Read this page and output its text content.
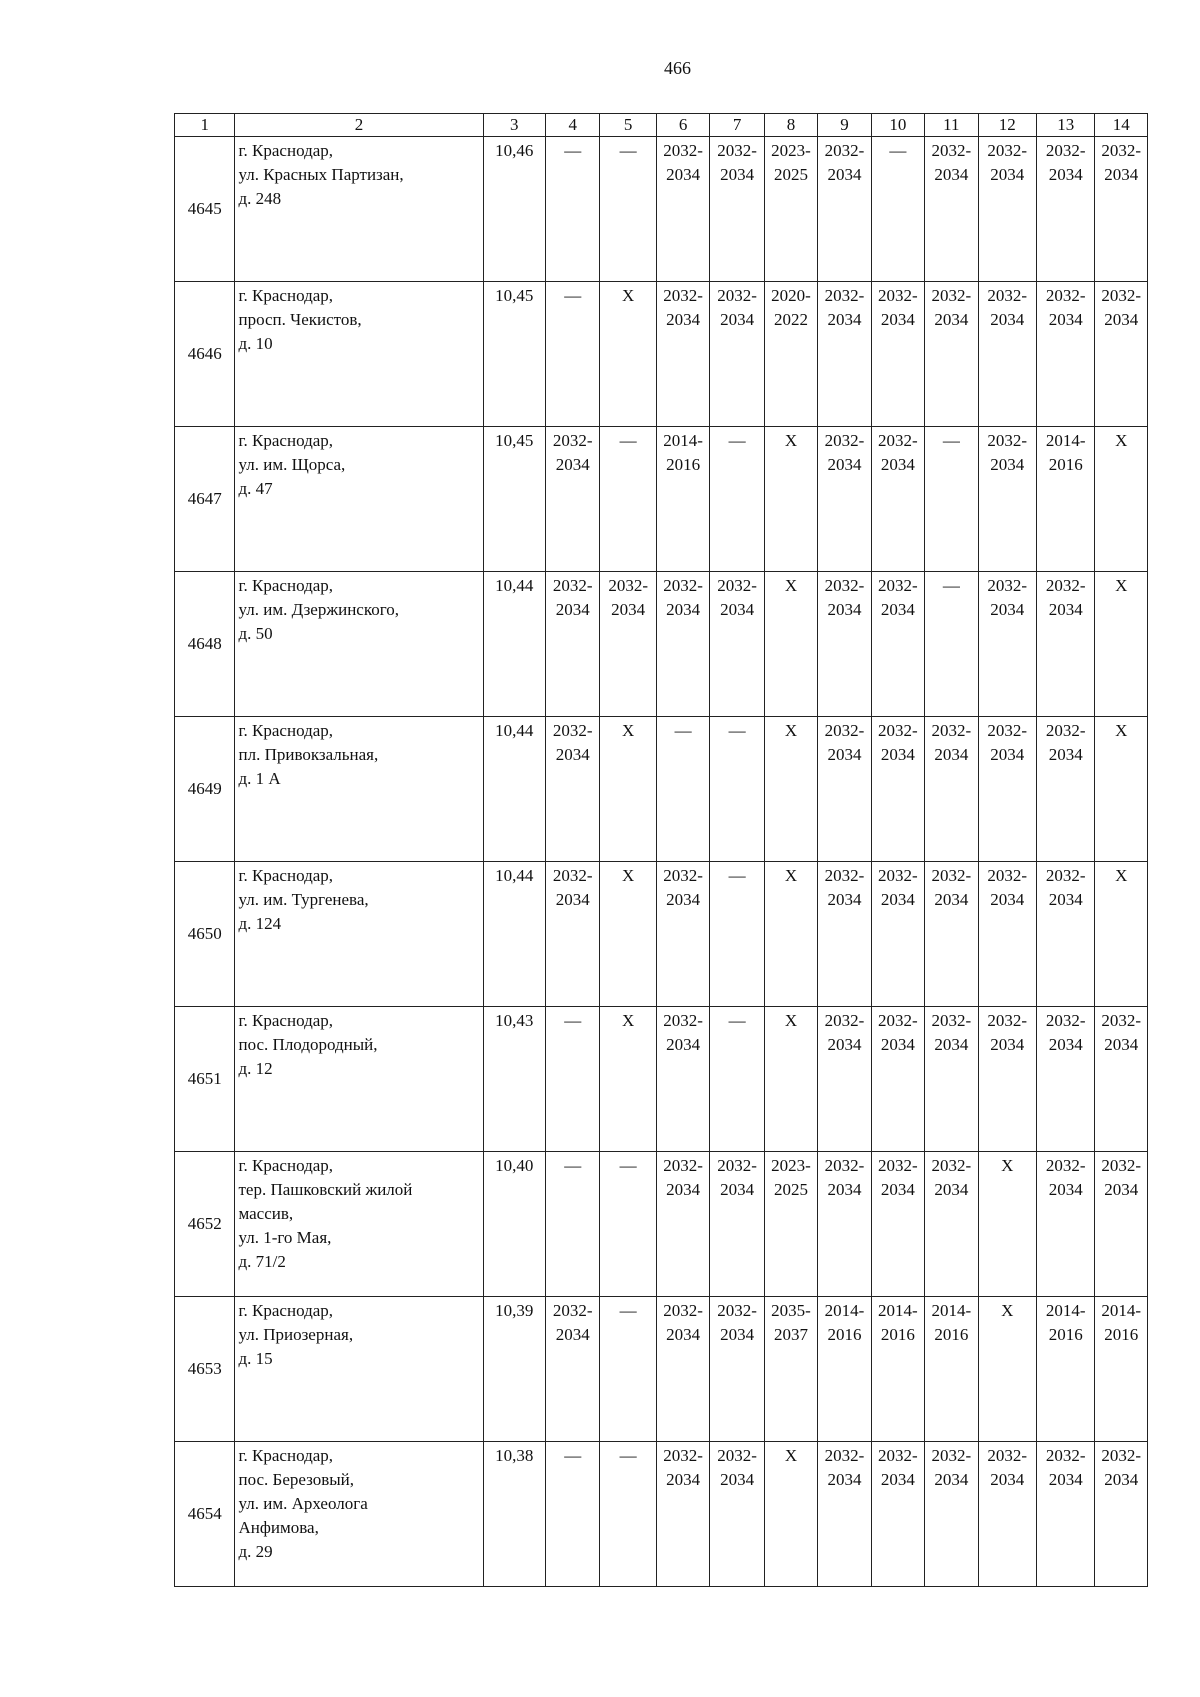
466
1	2	3	4	5	6	7	8	9	10	11	12	13	14
4645	г. Краснодар,
ул. Красных Партизан,
д. 248	10,46	—	—	2032-
2034	2032-
2034	2023-
2025	2032-
2034	—	2032-
2034	2032-
2034	2032-
2034	2032-
2034
4646	г. Краснодар,
просп. Чекистов,
д. 10	10,45	—	X	2032-
2034	2032-
2034	2020-
2022	2032-
2034	2032-
2034	2032-
2034	2032-
2034	2032-
2034	2032-
2034
4647	г. Краснодар,
ул. им. Щорса,
д. 47	10,45	2032-
2034	—	2014-
2016	—	X	2032-
2034	2032-
2034	—	2032-
2034	2014-
2016	X
4648	г. Краснодар,
ул. им. Дзержинского,
д. 50	10,44	2032-
2034	2032-
2034	2032-
2034	2032-
2034	X	2032-
2034	2032-
2034	—	2032-
2034	2032-
2034	X
4649	г. Краснодар,
пл. Привокзальная,
д. 1 А	10,44	2032-
2034	X	—	—	X	2032-
2034	2032-
2034	2032-
2034	2032-
2034	2032-
2034	X
4650	г. Краснодар,
ул. им. Тургенева,
д. 124	10,44	2032-
2034	X	2032-
2034	—	X	2032-
2034	2032-
2034	2032-
2034	2032-
2034	2032-
2034	X
4651	г. Краснодар,
пос. Плодородный,
д. 12	10,43	—	X	2032-
2034	—	X	2032-
2034	2032-
2034	2032-
2034	2032-
2034	2032-
2034	2032-
2034
4652	г. Краснодар,
тер. Пашковский жилой
массив,
ул. 1-го Мая,
д. 71/2	10,40	—	—	2032-
2034	2032-
2034	2023-
2025	2032-
2034	2032-
2034	2032-
2034	X	2032-
2034	2032-
2034
4653	г. Краснодар,
ул. Приозерная,
д. 15	10,39	2032-
2034	—	2032-
2034	2032-
2034	2035-
2037	2014-
2016	2014-
2016	2014-
2016	X	2014-
2016	2014-
2016
4654	г. Краснодар,
пос. Березовый,
ул. им. Археолога
Анфимова,
д. 29	10,38	—	—	2032-
2034	2032-
2034	X	2032-
2034	2032-
2034	2032-
2034	2032-
2034	2032-
2034	2032-
2034
